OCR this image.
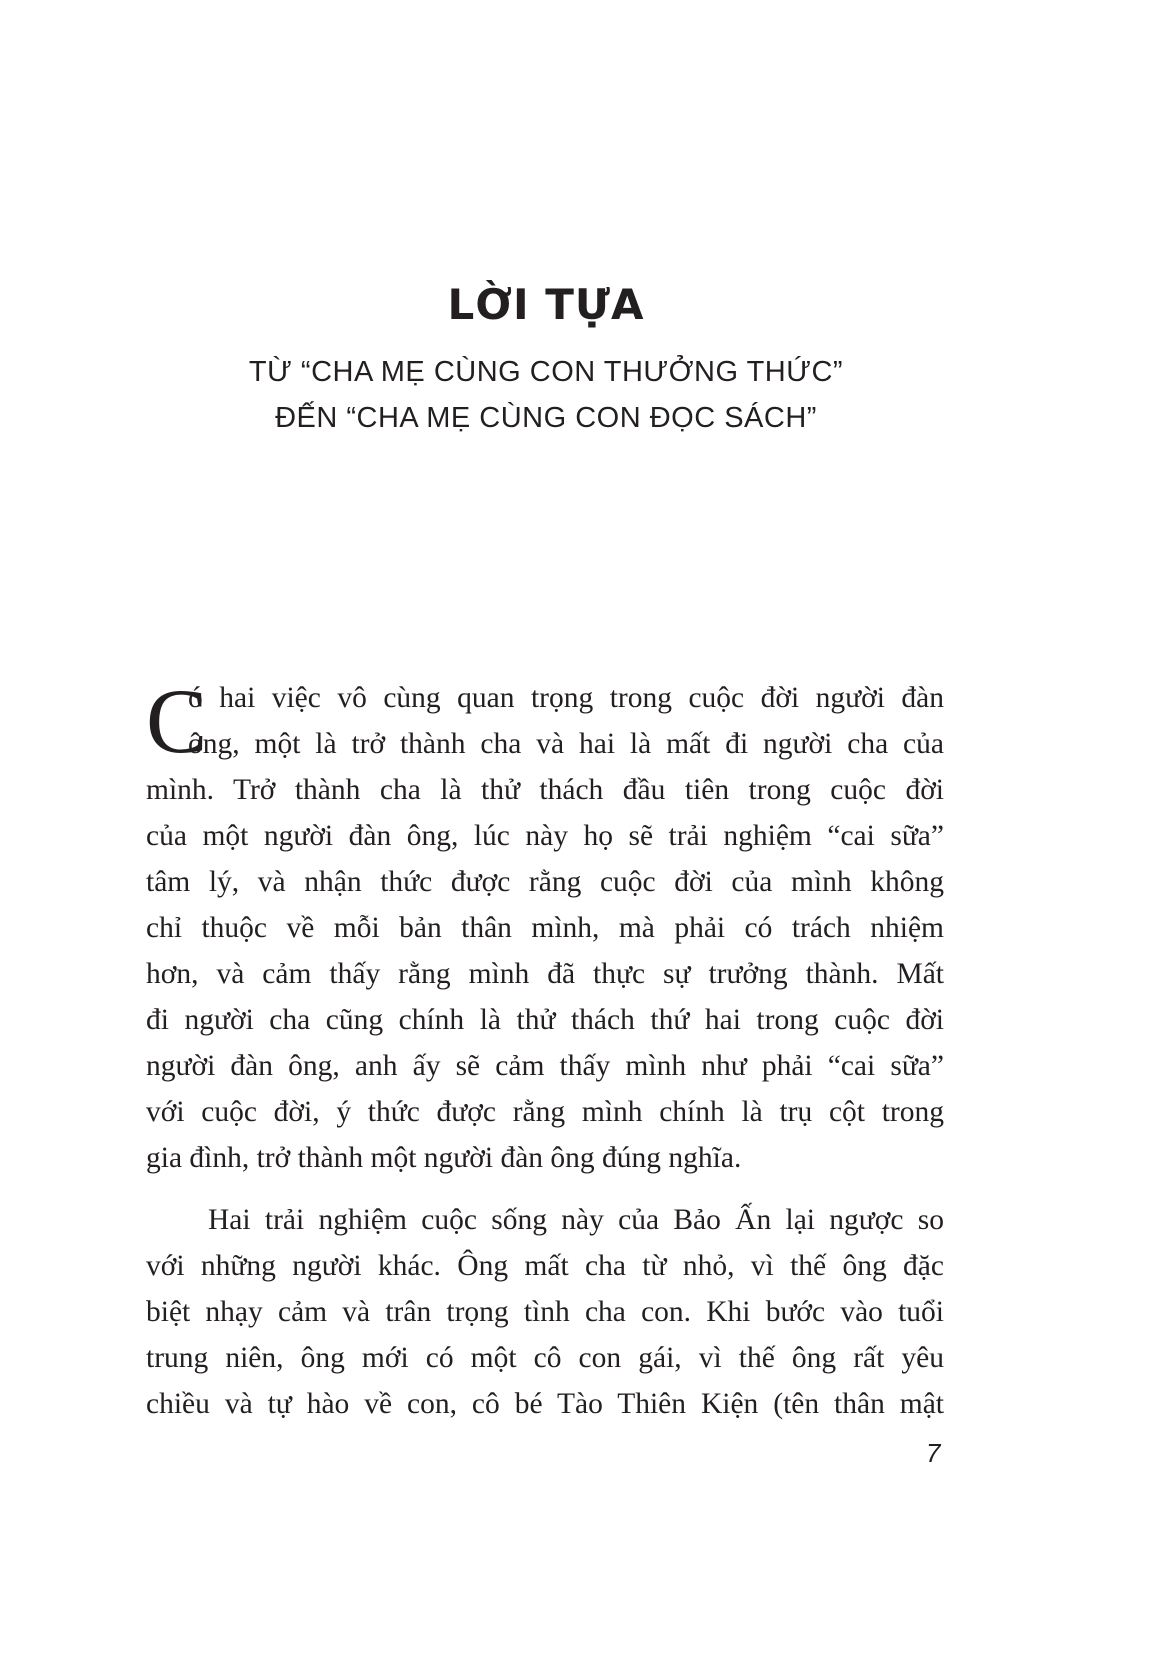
LỜI TỰA
TỪ “CHA MẸ CÙNG CON THƯỞNG THỨC”
ĐẾN “CHA MẸ CÙNG CON ĐỌC SÁCH”
C
ó hai việc vô cùng quan trọng trong cuộc đời người đàn
ông, một là trở thành cha và hai là mất đi người cha của
mình. Trở thành cha là thử thách đầu tiên trong cuộc đời
của một người đàn ông, lúc này họ sẽ trải nghiệm “cai sữa”
tâm lý, và nhận thức được rằng cuộc đời của mình không
chỉ thuộc về mỗi bản thân mình, mà phải có trách nhiệm
hơn, và cảm thấy rằng mình đã thực sự trưởng thành. Mất
đi người cha cũng chính là thử thách thứ hai trong cuộc đời
người đàn ông, anh ấy sẽ cảm thấy mình như phải “cai sữa”
với cuộc đời, ý thức được rằng mình chính là trụ cột trong
gia đình, trở thành một người đàn ông đúng nghĩa.
Hai trải nghiệm cuộc sống này của Bảo Ấn lại ngược so
với những người khác. Ông mất cha từ nhỏ, vì thế ông đặc
biệt nhạy cảm và trân trọng tình cha con. Khi bước vào tuổi
trung niên, ông mới có một cô con gái, vì thế ông rất yêu
chiều và tự hào về con, cô bé Tào Thiên Kiện (tên thân mật
7
